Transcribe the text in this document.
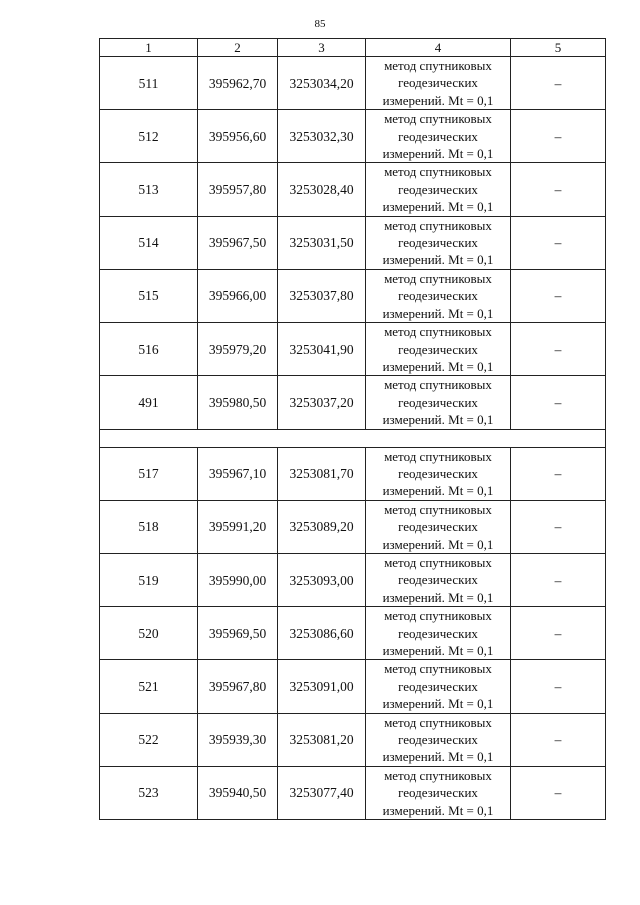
85
1	2	3	4	5
511	395962,70	3253034,20	метод спутниковых геодезических измерений. Mt = 0,1	–
512	395956,60	3253032,30	метод спутниковых геодезических измерений. Mt = 0,1	–
513	395957,80	3253028,40	метод спутниковых геодезических измерений. Mt = 0,1	–
514	395967,50	3253031,50	метод спутниковых геодезических измерений. Mt = 0,1	–
515	395966,00	3253037,80	метод спутниковых геодезических измерений. Mt = 0,1	–
516	395979,20	3253041,90	метод спутниковых геодезических измерений. Mt = 0,1	–
491	395980,50	3253037,20	метод спутниковых геодезических измерений. Mt = 0,1	–

517	395967,10	3253081,70	метод спутниковых геодезических измерений. Mt = 0,1	–
518	395991,20	3253089,20	метод спутниковых геодезических измерений. Mt = 0,1	–
519	395990,00	3253093,00	метод спутниковых геодезических измерений. Mt = 0,1	–
520	395969,50	3253086,60	метод спутниковых геодезических измерений. Mt = 0,1	–
521	395967,80	3253091,00	метод спутниковых геодезических измерений. Mt = 0,1	–
522	395939,30	3253081,20	метод спутниковых геодезических измерений. Mt = 0,1	–
523	395940,50	3253077,40	метод спутниковых геодезических измерений. Mt = 0,1	–
